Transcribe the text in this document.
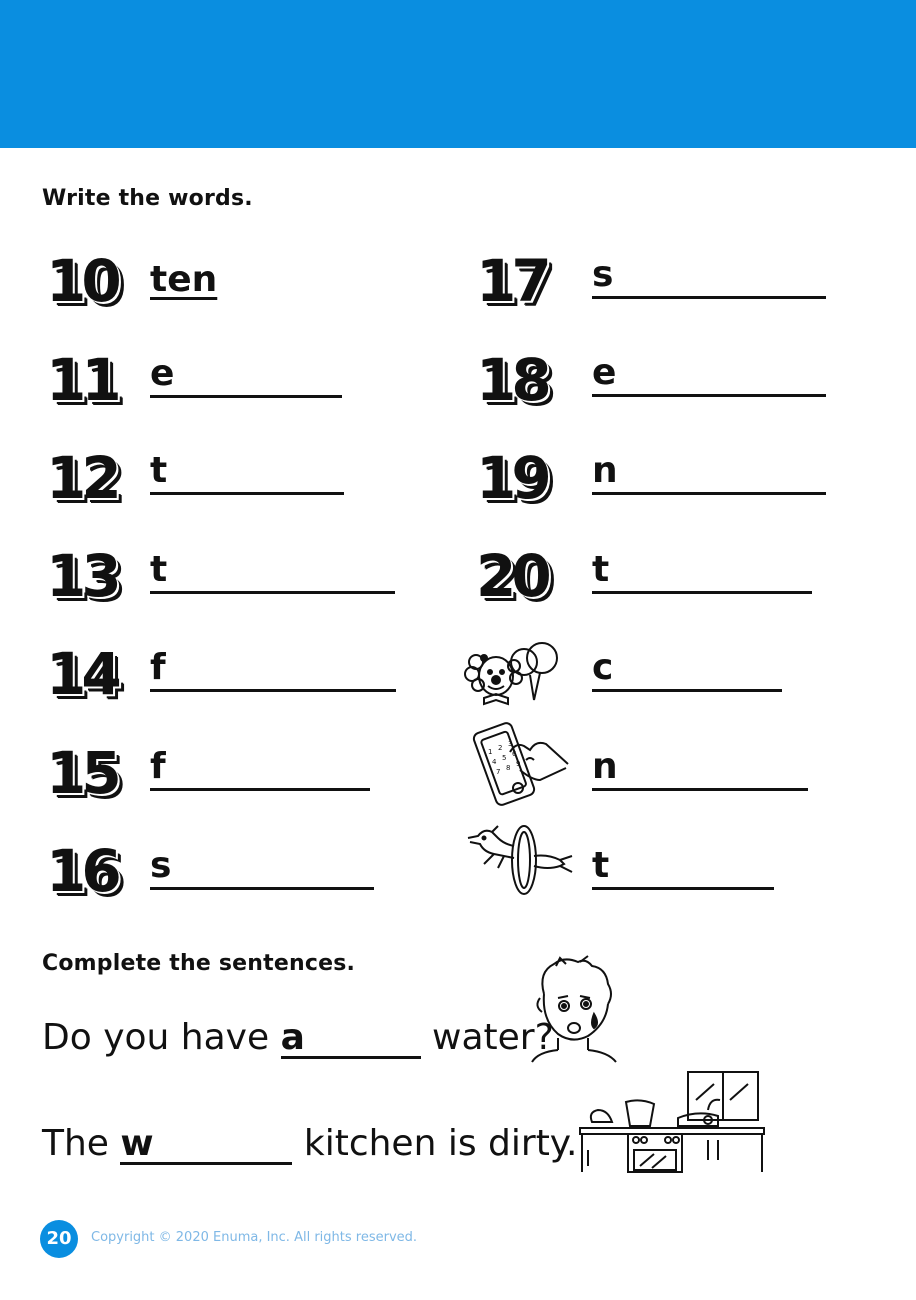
Write the words.
10 ten
11 e
12 t
13 t
14 f
15 f
16 s
17 s
18 e
19 n
20 t
c
1 2 3
4 5 6
7 8 9 n
t
Complete the sentences.
Do you have a	water?
The w	kitchen is dirty.
20	Copyright © 2020 Enuma, Inc. All rights reserved.
